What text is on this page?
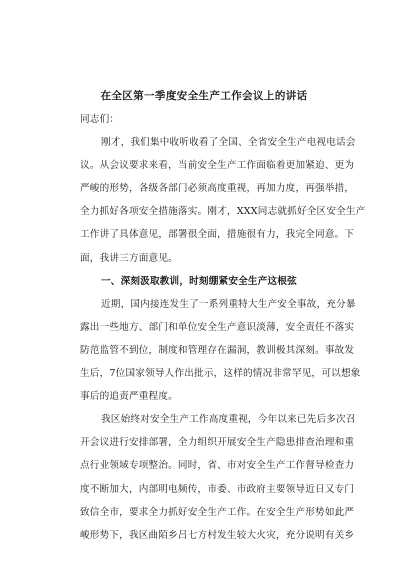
在全区第一季度安全生产工作会议上的讲话
同志们：
刚才，我们集中收听收看了全国、全省安全生产电视电话会
议。从会议要求来看，当前安全生产工作面临着更加紧迫、更为
严峻的形势，各级各部门必须高度重视，再加力度，再强举措，
全力抓好各项安全措施落实。刚才，XXX同志就抓好全区安全生产
工作讲了具体意见，部署很全面，措施很有力，我完全同意。下
面，我讲三方面意见。
一、深刻汲取教训，时刻绷紧安全生产这根弦
近期，国内接连发生了一系列重特大生产安全事故，充分暴
露出一些地方、部门和单位安全生产意识淡薄，安全责任不落实
防范监管不到位，制度和管理存在漏洞，教训极其深刻。事故发
生后，7位国家领导人作出批示，这样的情况非常罕见，可以想象
事后的追责严重程度。
我区始终对安全生产工作高度重视，今年以来已先后多次召
开会议进行安排部署，全力组织开展安全生产隐患排查治理和重
点行业领域专项整治。同时，省、市对安全生产工作督导检查力
度不断加大，内部明电频传，市委、市政府主要领导近日又专门
致信全市，要求全力抓好安全生产工作。在安全生产形势如此严
峻形势下，我区曲陌乡吕七方村发生较大火灾，充分说明有关乡
